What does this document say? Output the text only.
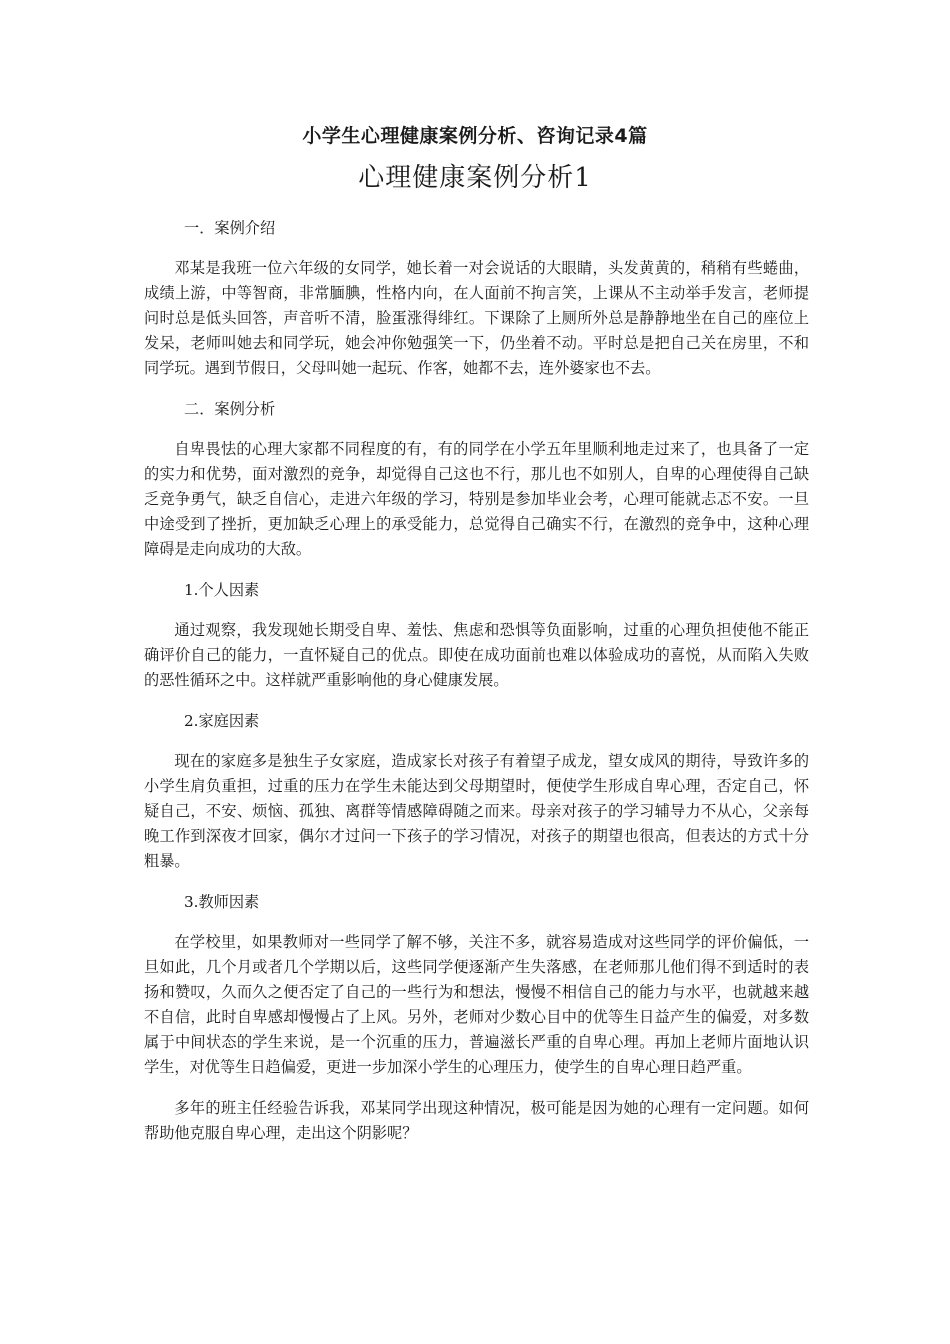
小学生心理健康案例分析、咨询记录4篇
心理健康案例分析1
一．案例介绍

邓某是我班一位六年级的女同学，她长着一对会说话的大眼睛，头发黄黄的，稍稍有些蜷曲，成绩上游，中等智商，非常腼腆，性格内向，在人面前不拘言笑，上课从不主动举手发言，老师提问时总是低头回答，声音听不清，脸蛋涨得绯红。下课除了上厕所外总是静静地坐在自己的座位上发呆，老师叫她去和同学玩，她会冲你勉强笑一下，仍坐着不动。平时总是把自己关在房里，不和同学玩。遇到节假日，父母叫她一起玩、作客，她都不去，连外婆家也不去。

二．案例分析

自卑畏怯的心理大家都不同程度的有，有的同学在小学五年里顺利地走过来了，也具备了一定的实力和优势，面对激烈的竞争，却觉得自己这也不行，那儿也不如别人，自卑的心理使得自己缺乏竞争勇气，缺乏自信心，走进六年级的学习，特别是参加毕业会考，心理可能就忐忑不安。一旦中途受到了挫折，更加缺乏心理上的承受能力，总觉得自己确实不行，在激烈的竞争中，这种心理障碍是走向成功的大敌。

1.个人因素

通过观察，我发现她长期受自卑、羞怯、焦虑和恐惧等负面影响，过重的心理负担使他不能正确评价自己的能力，一直怀疑自己的优点。即使在成功面前也难以体验成功的喜悦，从而陷入失败的恶性循环之中。这样就严重影响他的身心健康发展。

2.家庭因素

现在的家庭多是独生子女家庭，造成家长对孩子有着望子成龙，望女成风的期待，导致许多的小学生肩负重担，过重的压力在学生未能达到父母期望时，便使学生形成自卑心理，否定自己，怀疑自己，不安、烦恼、孤独、离群等情感障碍随之而来。母亲对孩子的学习辅导力不从心，父亲每晚工作到深夜才回家，偶尔才过问一下孩子的学习情况，对孩子的期望也很高，但表达的方式十分粗暴。

3.教师因素

在学校里，如果教师对一些同学了解不够，关注不多，就容易造成对这些同学的评价偏低，一旦如此，几个月或者几个学期以后，这些同学便逐渐产生失落感，在老师那儿他们得不到适时的表扬和赞叹，久而久之便否定了自己的一些行为和想法，慢慢不相信自己的能力与水平，也就越来越不自信，此时自卑感却慢慢占了上风。另外，老师对少数心目中的优等生日益产生的偏爱，对多数属于中间状态的学生来说，是一个沉重的压力，普遍滋长严重的自卑心理。再加上老师片面地认识学生，对优等生日趋偏爱，更进一步加深小学生的心理压力，使学生的自卑心理日趋严重。

多年的班主任经验告诉我，邓某同学出现这种情况，极可能是因为她的心理有一定问题。如何帮助他克服自卑心理，走出这个阴影呢？
